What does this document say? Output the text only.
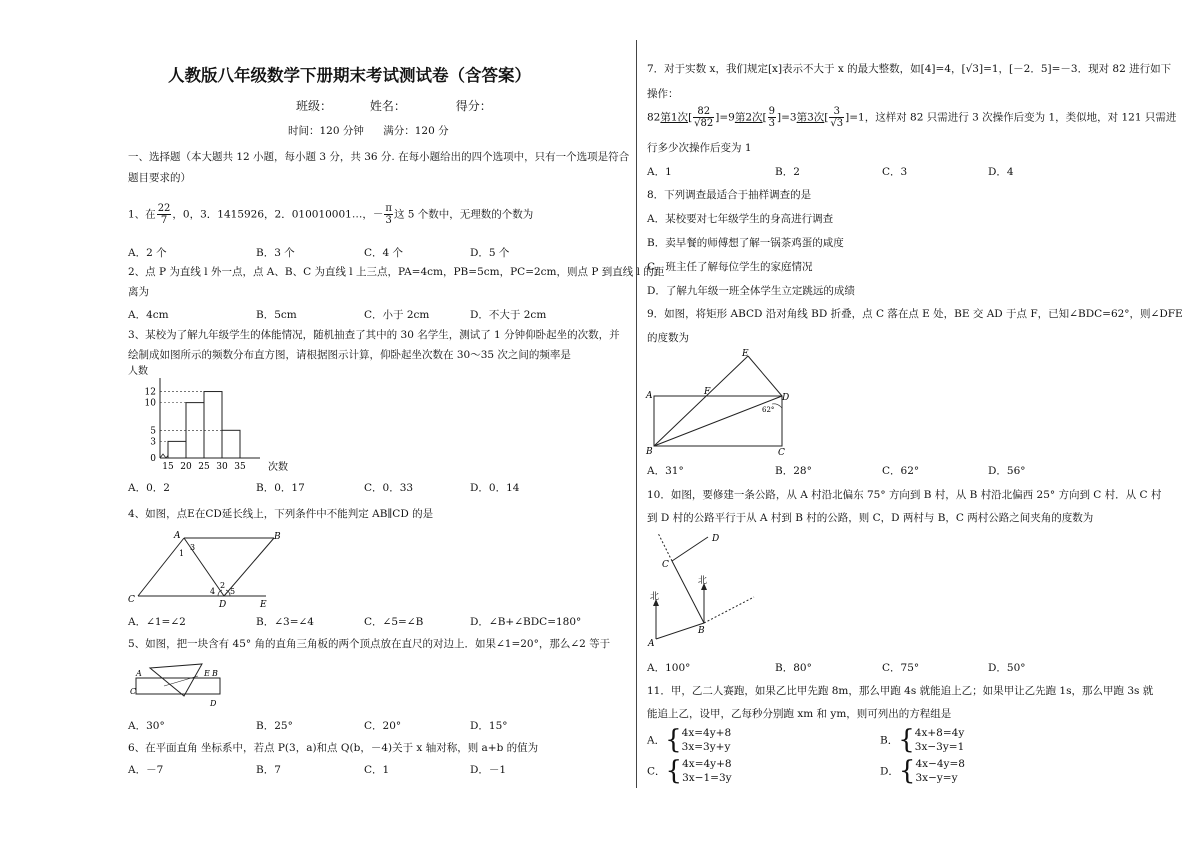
人教版八年级数学下册期末考试测试卷（含答案）
班级：	姓名：	得分：
时间：120 分钟 满分：120 分
一、选择题（本大题共 12 小题，每小题 3 分，共 36 分. 在每小题给出的四个选项中，只有一个选项是符合
题目要求的）
1、在 $\frac{22}{7}$ ，0，3．1415926，2．010010001…，－ $\frac{\pi}{3}$ 这 5 个数中，无理数的个数为
A．2 个	B．3 个	C．4 个	D．5 个
2、点 P 为直线 l 外一点，点 A、B、C 为直线 l 上三点，PA=4cm，PB=5cm，PC=2cm，则点 P 到直线 l 的距
离为
A．4cm	B．5cm	C．小于 2cm	D．不大于 2cm
3、某校为了解九年级学生的体能情况，随机抽查了其中的 30 名学生，测试了 1 分钟仰卧起坐的次数，并
绘制成如图所示的频数分布直方图，请根据图示计算，仰卧起坐次数在 30～35 次之间的频率是
0
3
5
10
12
15 20 25 30 35
人数
次数
A．0．2	B．0．17	C．0．33	D．0．14
4、如图，点E在CD延长线上，下列条件中不能判定 AB∥CD 的是
A	B
C	D	E
1
2
3
4 5
A．∠1=∠2	B．∠3=∠4	C．∠5=∠B	D．∠B+∠BDC=180°
5、如图，把一块含有 45° 角的直角三角板的两个顶点放在直尺的对边上．如果∠1=20°，那么∠2 等于
A	B
C
D
E
A．30°	B．25°	C．20°	D．15°
6、在平面直角 坐标系中，若点 P(3，a)和点 Q(b，－4)关于 x 轴对称，则 a+b 的值为
A．－7	B．7	C．1	D．－1
7．对于实数 x，我们规定[x]表示不大于 x 的最大整数，如[4]=4，[√3]=1，[－2．5]=－3．现对 82 进行如下
操作：
82第1次[ $\frac{82}{√82} ]=9$第2次[ $\frac{9}{3} ]=3$第3次[ $\frac{3}{√3} ]=1$，这样对 82 只需进行 3 次操作后变为 1，类似地，对 121 只需进
行多少次操作后变为 1
A．1	B．2	C．3	D．4
8．下列调查最适合于抽样调查的是
A．某校要对七年级学生的身高进行调查
B．卖早餐的师傅想了解一锅茶鸡蛋的咸度
C．班主任了解每位学生的家庭情况
D．了解九年级一班全体学生立定跳远的成绩
9．如图，将矩形 ABCD 沿对角线 BD 折叠，点 C 落在点 E 处，BE 交 AD 于点 F，已知∠BDC=62°，则∠DFE
的度数为
A
B	C
D
E
F
62°
A．31°	B．28°	C．62°	D．56°
10．如图，要修建一条公路，从 A 村沿北偏东 75° 方向到 B 村，从 B 村沿北偏西 25° 方向到 C 村．从 C 村
到 D 村的公路平行于从 A 村到 B 村的公路，则 C，D 两村与 B，C 两村公路之间夹角的度数为
A
B
C
D
北
北
A．100°	B．80°	C．75°	D．50°
11．甲，乙二人赛跑，如果乙比甲先跑 8m，那么甲跑 4s 就能追上乙；如果甲让乙先跑 1s，那么甲跑 3s 就
能追上乙，设甲，乙每秒分别跑 xm 和 ym，则可列出的方程组是
A．{ 4x=4y+8
3x=3y+y
B．{ 4x+8=4y
3x−3y=1
C．{ 4x=4y+8
3x−1=3y
D．{ 4x−4y=8
3x−y=y
